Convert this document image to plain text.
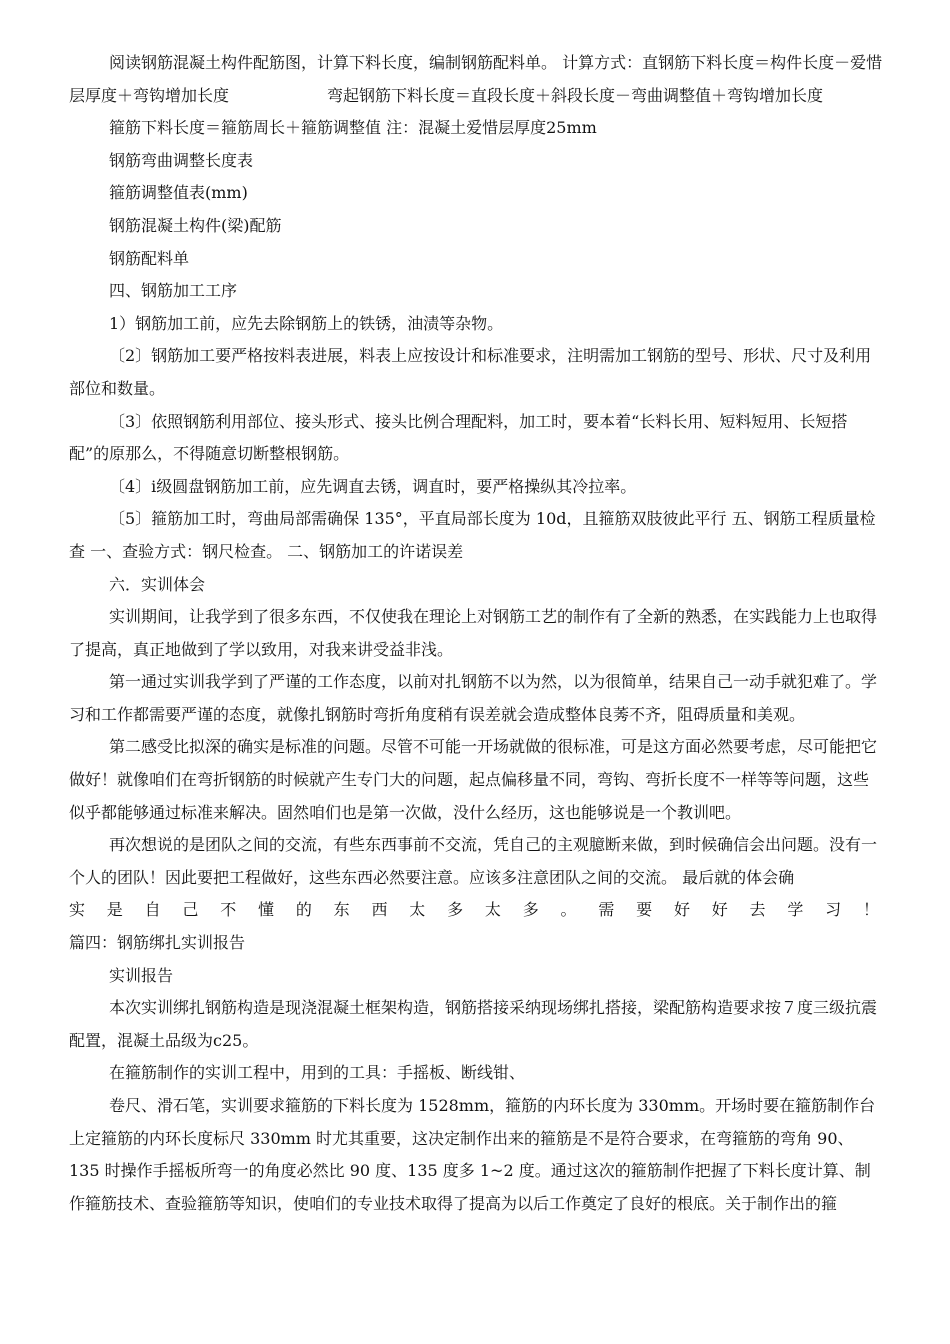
阅读钢筋混凝土构件配筋图，计算下料长度，编制钢筋配料单。 计算方式：直钢筋下料长度＝构件长度－爱惜层厚度＋弯钩增加长度	弯起钢筋下料长度＝直段长度＋斜段长度－弯曲调整值＋弯钩增加长度

箍筋下料长度＝箍筋周长＋箍筋调整值 注：混凝土爱惜层厚度25mm

钢筋弯曲调整长度表

箍筋调整值表(mm)

钢筋混凝土构件(梁)配筋

钢筋配料单

四、钢筋加工工序

1）钢筋加工前，应先去除钢筋上的铁锈，油渍等杂物。

〔2〕钢筋加工要严格按料表进展，料表上应按设计和标准要求，注明需加工钢筋的型号、形状、尺寸及利用部位和数量。

〔3〕依照钢筋利用部位、接头形式、接头比例合理配料，加工时，要本着“长料长用、短料短用、长短搭配”的原那么，不得随意切断整根钢筋。

〔4〕i级圆盘钢筋加工前，应先调直去锈，调直时，要严格操纵其冷拉率。

〔5〕箍筋加工时，弯曲局部需确保 135°，平直局部长度为 10d，且箍筋双肢彼此平行 五、钢筋工程质量检查 一、查验方式：钢尺检查。 二、钢筋加工的许诺误差

六．实训体会

实训期间，让我学到了很多东西，不仅使我在理论上对钢筋工艺的制作有了全新的熟悉，在实践能力上也取得了提高，真正地做到了学以致用，对我来讲受益非浅。

第一通过实训我学到了严谨的工作态度，以前对扎钢筋不以为然，以为很简单，结果自己一动手就犯难了。学习和工作都需要严谨的态度，就像扎钢筋时弯折角度稍有误差就会造成整体良莠不齐，阻碍质量和美观。

第二感受比拟深的确实是标准的问题。尽管不可能一开场就做的很标准，可是这方面必然要考虑，尽可能把它做好！就像咱们在弯折钢筋的时候就产生专门大的问题，起点偏移量不同，弯钩、弯折长度不一样等等问题，这些似乎都能够通过标准来解决。固然咱们也是第一次做，没什么经历，这也能够说是一个教训吧。

再次想说的是团队之间的交流，有些东西事前不交流，凭自己的主观臆断来做，到时候确信会出问题。没有一个人的团队！因此要把工程做好，这些东西必然要注意。应该多注意团队之间的交流。 最后就的体会确

实是自己不懂的东西太多太多。需要好好去学习！

篇四：钢筋绑扎实训报告

实训报告

本次实训绑扎钢筋构造是现浇混凝土框架构造，钢筋搭接采纳现场绑扎搭接，梁配筋构造要求按７度三级抗震配置，混凝土品级为c25。

在箍筋制作的实训工程中，用到的工具：手摇板、断线钳、

卷尺、滑石笔，实训要求箍筋的下料长度为 1528mm，箍筋的内环长度为 330mm。开场时要在箍筋制作台上定箍筋的内环长度标尺 330mm 时尤其重要，这决定制作出来的箍筋是不是符合要求，在弯箍筋的弯角 90、135 时操作手摇板所弯一的角度必然比 90 度、135 度多 1~2 度。通过这次的箍筋制作把握了下料长度计算、制作箍筋技术、查验箍筋等知识，使咱们的专业技术取得了提高为以后工作奠定了良好的根底。关于制作出的箍
